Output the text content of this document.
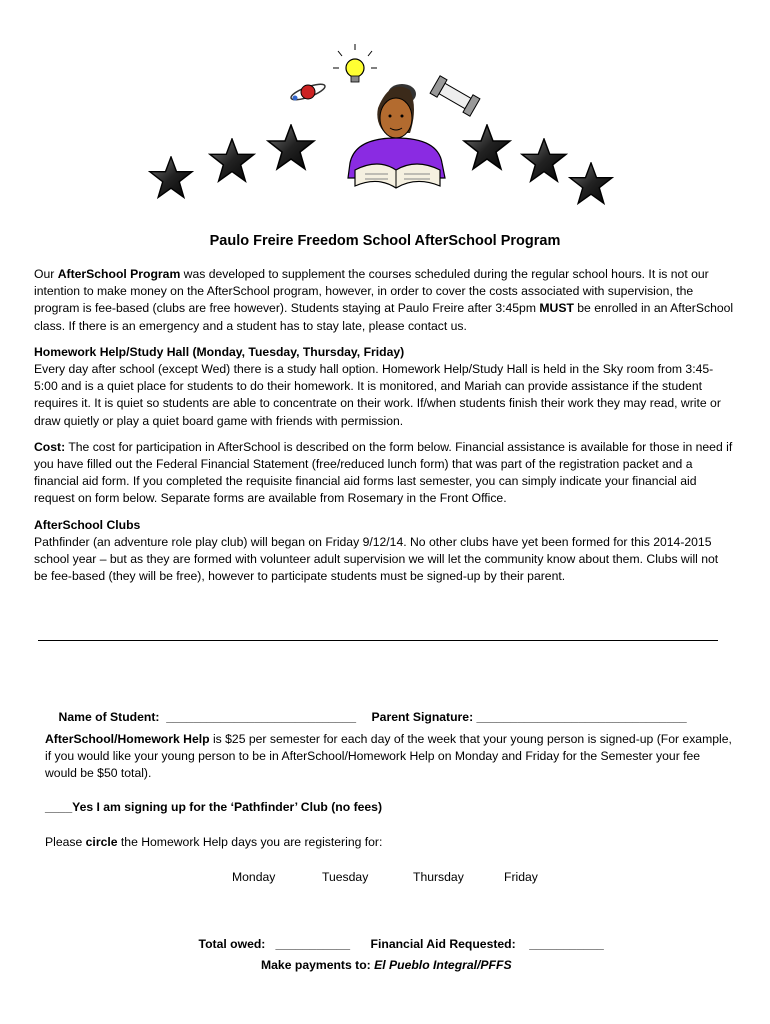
Paulo Freire Freedom School AfterSchool Program

Our AfterSchool Program was developed to supplement the courses scheduled during the regular school hours. It is not our intention to make money on the AfterSchool program, however, in order to cover the costs associated with supervision, the program is fee-based (clubs are free however). Students staying at Paulo Freire after 3:45pm MUST be enrolled in an AfterSchool class. If there is an emergency and a student has to stay late, please contact us.

Homework Help/Study Hall (Monday, Tuesday, Thursday, Friday)
Every day after school (except Wed) there is a study hall option. Homework Help/Study Hall is held in the Sky room from 3:45-5:00 and is a quiet place for students to do their homework. It is monitored, and Mariah can provide assistance if the student requires it. It is quiet so students are able to concentrate on their work. If/when students finish their work they may read, write or draw quietly or play a quiet board game with friends with permission.

Cost: The cost for participation in AfterSchool is described on the form below. Financial assistance is available for those in need if you have filled out the Federal Financial Statement (free/reduced lunch form) that was part of the registration packet and a financial aid form. If you completed the requisite financial aid forms last semester, you can simply indicate your financial aid request on form below. Separate forms are available from Rosemary in the Front Office.

AfterSchool Clubs
Pathfinder (an adventure role play club) will began on Friday 9/12/14. No other clubs have yet been formed for this 2014-2015 school year – but as they are formed with volunteer adult supervision we will let the community know about them. Clubs will not be fee-based (they will be free), however to participate students must be signed-up by their parent.

Name of Student: ____________________________
	Parent Signature: _______________________________

AfterSchool/Homework Help is $25 per semester for each day of the week that your young person is signed-up (For example, if you would like your young person to be in AfterSchool/Homework Help on Monday and Friday for the Semester your fee would be $50 total).
____Yes I am signing up for the ‘Pathfinder’ Club (no fees)
Please circle the Homework Help days you are registering for:
Monday	Tuesday	Thursday	Friday

Total owed: ___________
	Financial Aid Requested: ___________

Make payments to: El Pueblo Integral/PFFS
